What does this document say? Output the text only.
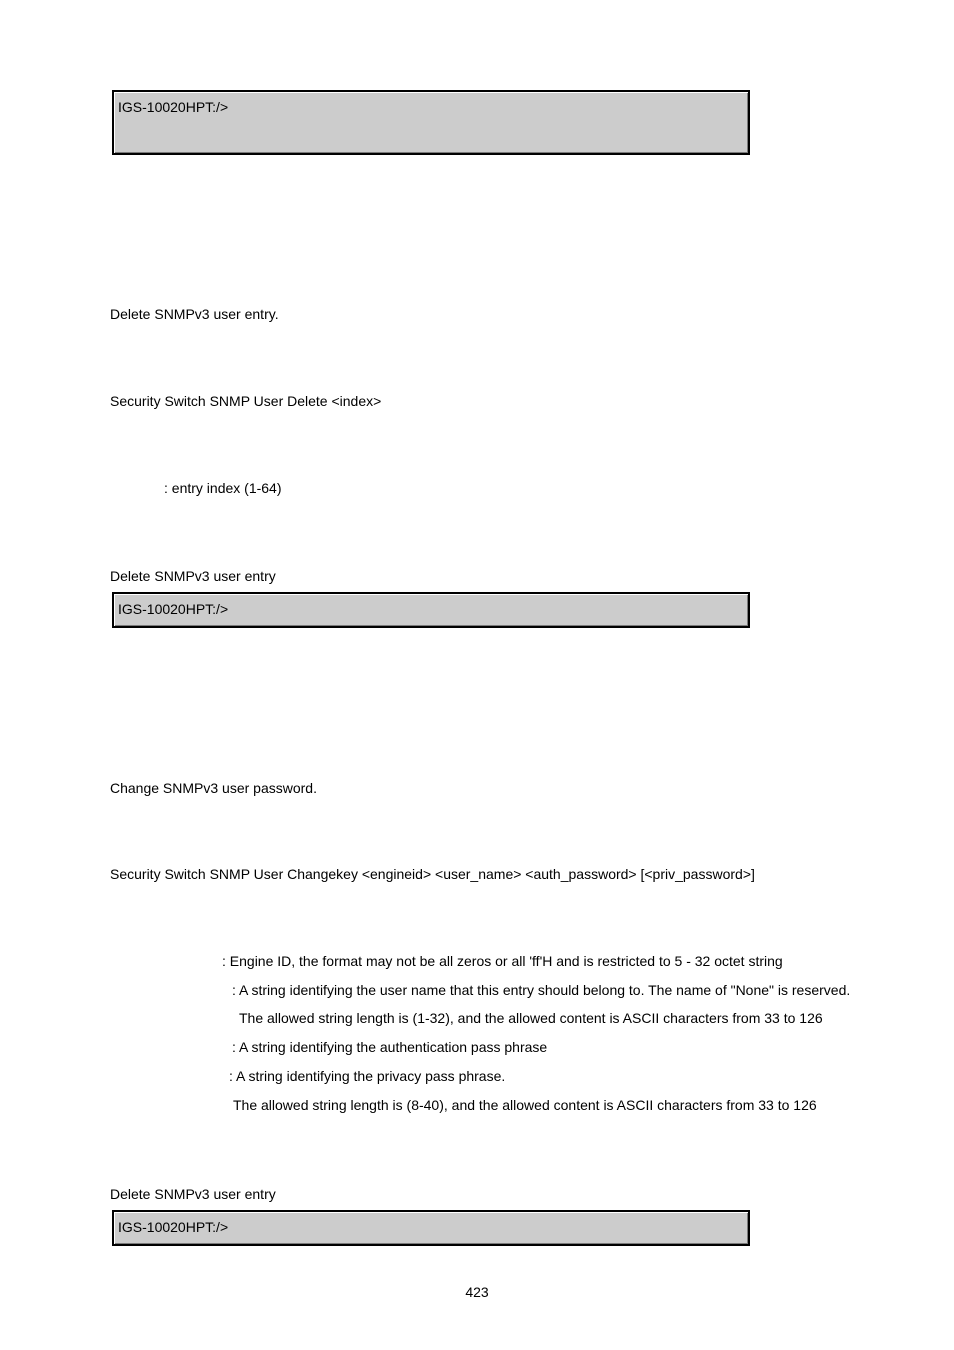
IGS-10020HPT:/>
Delete SNMPv3 user entry.
Security Switch SNMP User Delete <index>
: entry index (1-64)
Delete SNMPv3 user entry
IGS-10020HPT:/>
Change SNMPv3 user password.
Security Switch SNMP User Changekey <engineid> <user_name> <auth_password> [<priv_password>]
: Engine ID, the format may not be all zeros or all 'ff'H and is restricted to 5 - 32 octet string
: A string identifying the user name that this entry should belong to. The name of "None" is reserved.
The allowed string length is (1-32), and the allowed content is ASCII characters from 33 to 126
: A string identifying the authentication pass phrase
: A string identifying the privacy pass phrase.
The allowed string length is (8-40), and the allowed content is ASCII characters from 33 to 126
Delete SNMPv3 user entry
IGS-10020HPT:/>
423
